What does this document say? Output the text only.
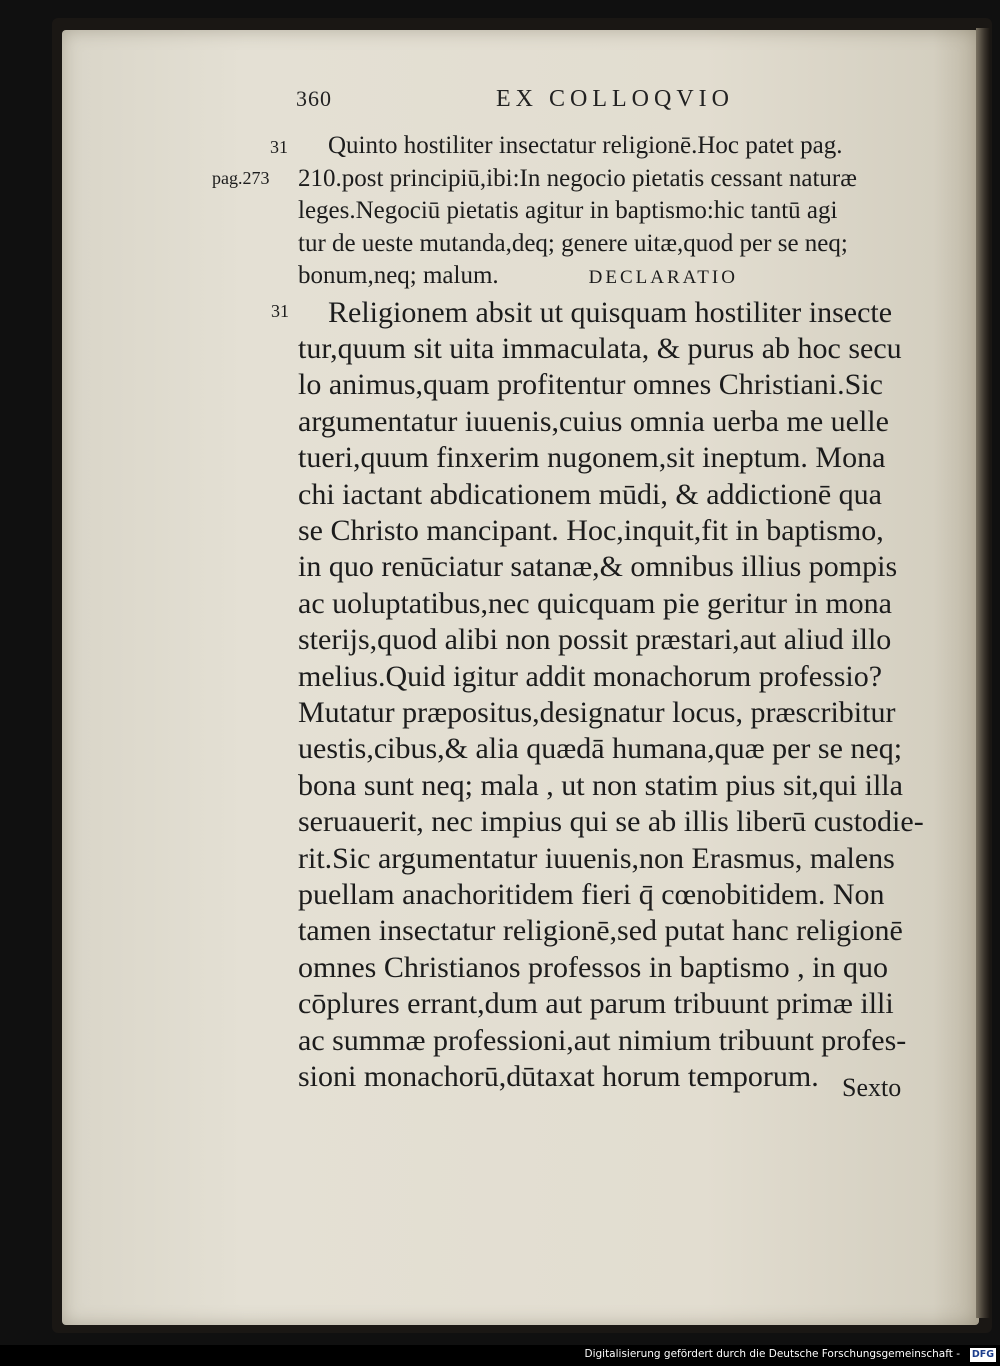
360	EX COLLOQVIO
31
pag.273
31
Quinto hostiliter insectatur religionē.Hoc patet pag.
210.post principiū,ibi:In negocio pietatis cessant naturæ
leges.Negociū pietatis agitur in baptismo:hic tantū agi
tur de ueste mutanda,deq; genere uitæ,quod per se neq;
bonum,neq; malum.	DECLARATIO
Religionem absit ut quisquam hostiliter insecte
tur,quum sit uita immaculata, & purus ab hoc secu
lo animus,quam profitentur omnes Christiani.Sic
argumentatur iuuenis,cuius omnia uerba me uelle
tueri,quum finxerim nugonem,sit ineptum. Mona
chi iactant abdicationem mūdi, & addictionē qua
se Christo mancipant. Hoc,inquit,fit in baptismo,
in quo renūciatur satanæ,& omnibus illius pompis
ac uoluptatibus,nec quicquam pie geritur in mona
sterijs,quod alibi non possit præstari,aut aliud illo
melius.Quid igitur addit monachorum professio?
Mutatur præpositus,designatur locus, præscribitur
uestis,cibus,& alia quædā humana,quæ per se neq;
bona sunt neq; mala , ut non statim pius sit,qui illa
seruauerit, nec impius qui se ab illis liberū custodie-
rit.Sic argumentatur iuuenis,non Erasmus, malens
puellam anachoritidem fieri q̄ cœnobitidem. Non
tamen insectatur religionē,sed putat hanc religionē
omnes Christianos professos in baptismo , in quo
cōplures errant,dum aut parum tribuunt primæ illi
ac summæ professioni,aut nimium tribuunt profes-
sioni monachorū,dūtaxat horum temporum. Sexto
Digitalisierung gefördert durch die Deutsche Forschungsgemeinschaft - DFG
